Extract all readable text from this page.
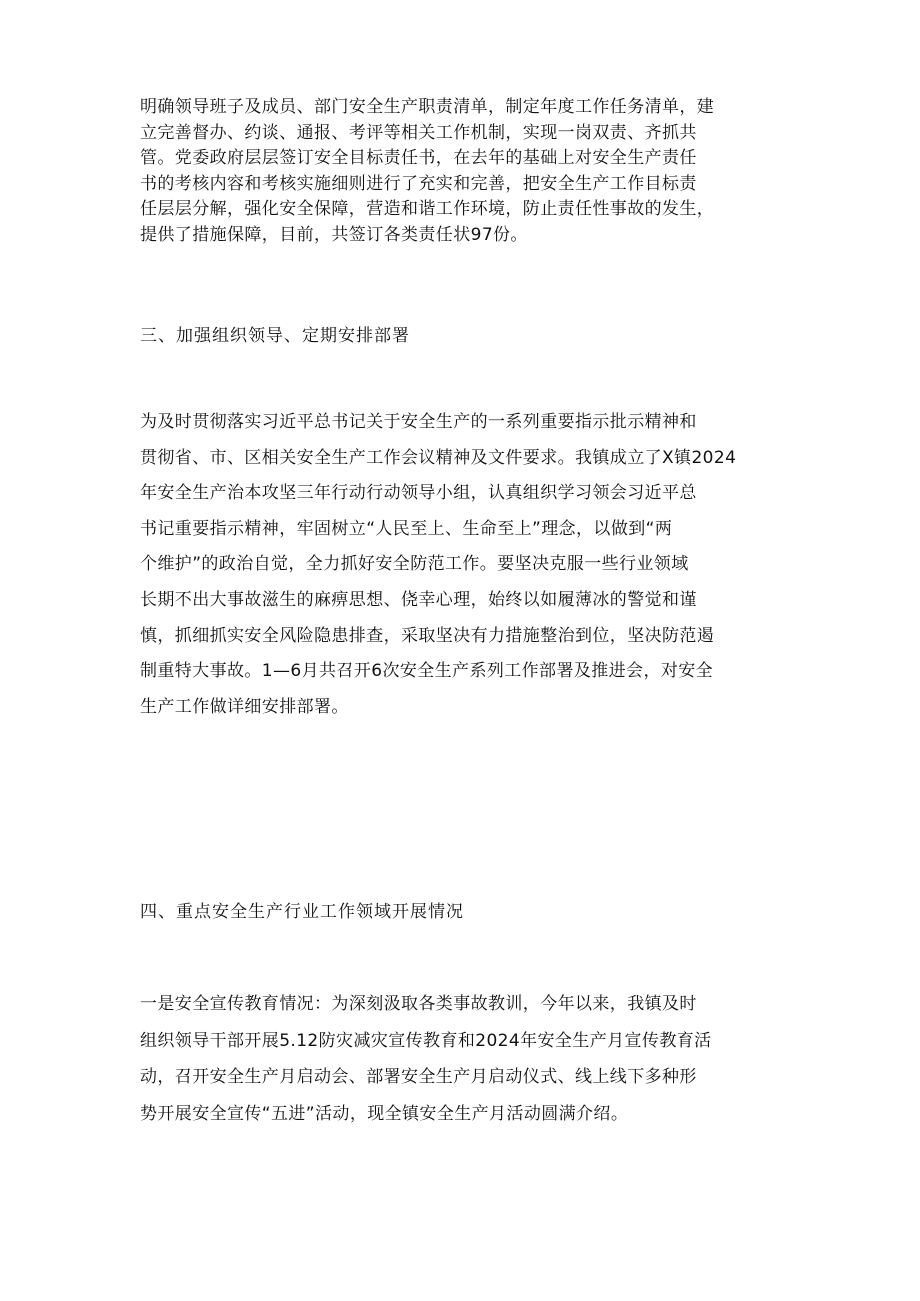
明确领导班子及成员、部门安全生产职责清单，制定年度工作任务清单，建
立完善督办、约谈、通报、考评等相关工作机制，实现一岗双责、齐抓共
管。党委政府层层签订安全目标责任书，在去年的基础上对安全生产责任
书的考核内容和考核实施细则进行了充实和完善，把安全生产工作目标责
任层层分解，强化安全保障，营造和谐工作环境，防止责任性事故的发生，
提供了措施保障，目前，共签订各类责任状97份。

三、加强组织领导、定期安排部署

为及时贯彻落实习近平总书记关于安全生产的一系列重要指示批示精神和
贯彻省、市、区相关安全生产工作会议精神及文件要求。我镇成立了X镇2024
年安全生产治本攻坚三年行动行动领导小组，认真组织学习领会习近平总
书记重要指示精神，牢固树立“人民至上、生命至上”理念，以做到“两
个维护”的政治自觉，全力抓好安全防范工作。要坚决克服一些行业领域
长期不出大事故滋生的麻痹思想、侥幸心理，始终以如履薄冰的警觉和谨
慎，抓细抓实安全风险隐患排查，采取坚决有力措施整治到位，坚决防范遏
制重特大事故。1—6月共召开6次安全生产系列工作部署及推进会，对安全
生产工作做详细安排部署。

四、重点安全生产行业工作领域开展情况

一是安全宣传教育情况：为深刻汲取各类事故教训，今年以来，我镇及时
组织领导干部开展5.12防灾减灾宣传教育和2024年安全生产月宣传教育活
动，召开安全生产月启动会、部署安全生产月启动仪式、线上线下多种形
势开展安全宣传“五进”活动，现全镇安全生产月活动圆满介绍。
